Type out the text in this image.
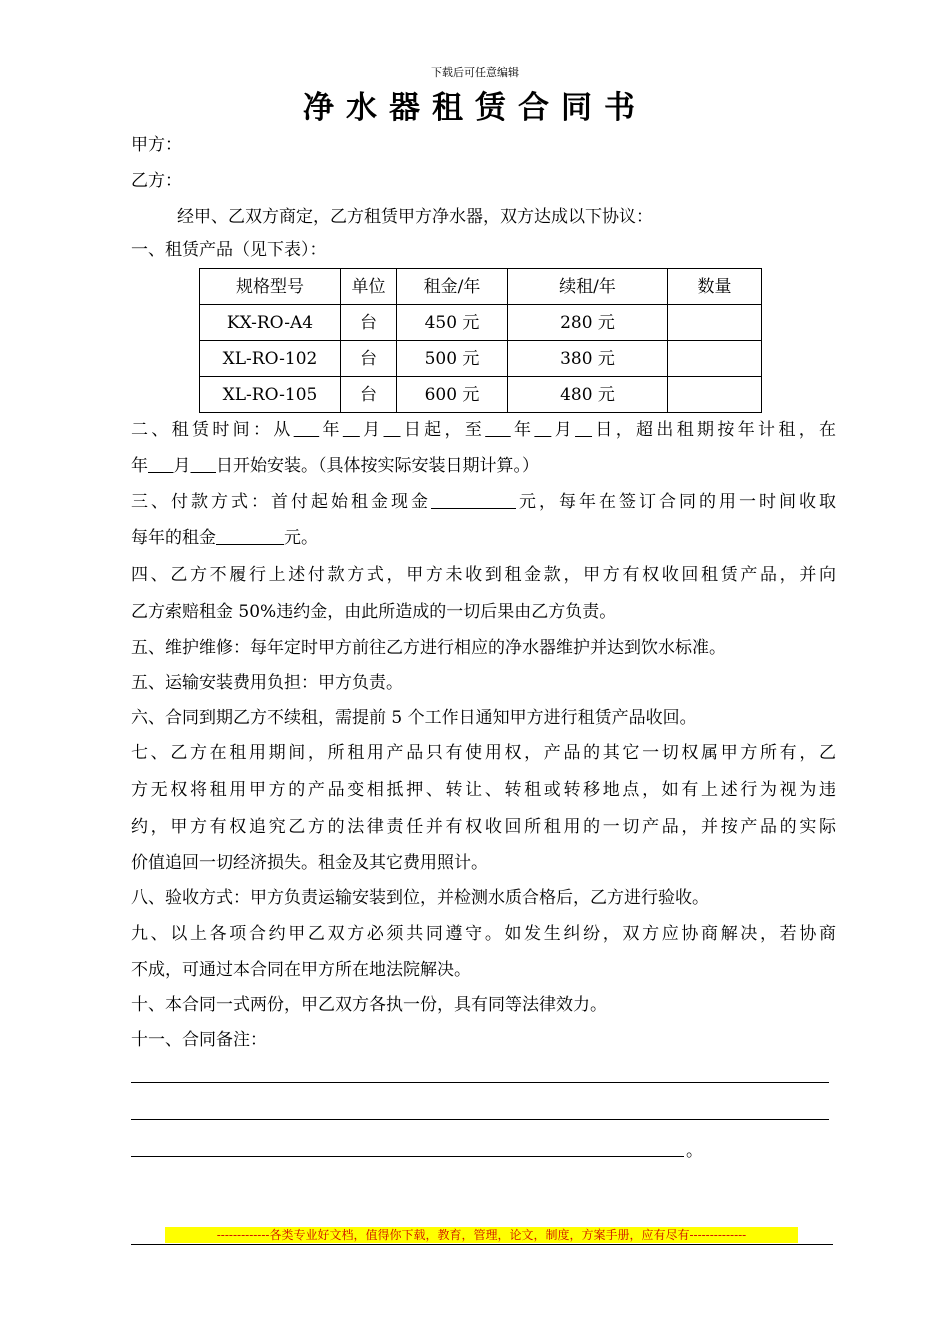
下载后可任意编辑
净水器租赁合同书
甲方：
乙方：
经甲、乙双方商定，乙方租赁甲方净水器，双方达成以下协议：
一、租赁产品（见下表）：
规格型号	单位	租金/年	续租/年	数量
KX-RO-A4	台	450 元	280 元	
XL-RO-102	台	500 元	380 元	
XL-RO-105	台	600 元	480 元	
二、租赁时间：从   年  月  日起，至   年  月  日，超出租期按年计租，在
年   月   日开始安装。（具体按实际安装日期计算。）
三、付款方式：首付起始租金现金     	元，每年在签订合同的用一时间收取
每年的租金    	元。
四、乙方不履行上述付款方式，甲方未收到租金款，甲方有权收回租赁产品，并向
乙方索赔租金 50%违约金，由此所造成的一切后果由乙方负责。
五、维护维修：每年定时甲方前往乙方进行相应的净水器维护并达到饮水标准。
五、运输安装费用负担：甲方负责。
六、合同到期乙方不续租，需提前 5 个工作日通知甲方进行租赁产品收回。
七、乙方在租用期间，所租用产品只有使用权，产品的其它一切权属甲方所有，乙
方无权将租用甲方的产品变相抵押、转让、转租或转移地点，如有上述行为视为违
约，甲方有权追究乙方的法律责任并有权收回所租用的一切产品，并按产品的实际
价值追回一切经济损失。租金及其它费用照计。
八、验收方式：甲方负责运输安装到位，并检测水质合格后，乙方进行验收。
九、以上各项合约甲乙双方必须共同遵守。如发生纠纷，双方应协商解决，若协商
不成，可通过本合同在甲方所在地法院解决。
十、本合同一式两份，甲乙双方各执一份，具有同等法律效力。
十一、合同备注：
。
-------------各类专业好文档，值得你下载，教育，管理，论文，制度，方案手册，应有尽有--------------
